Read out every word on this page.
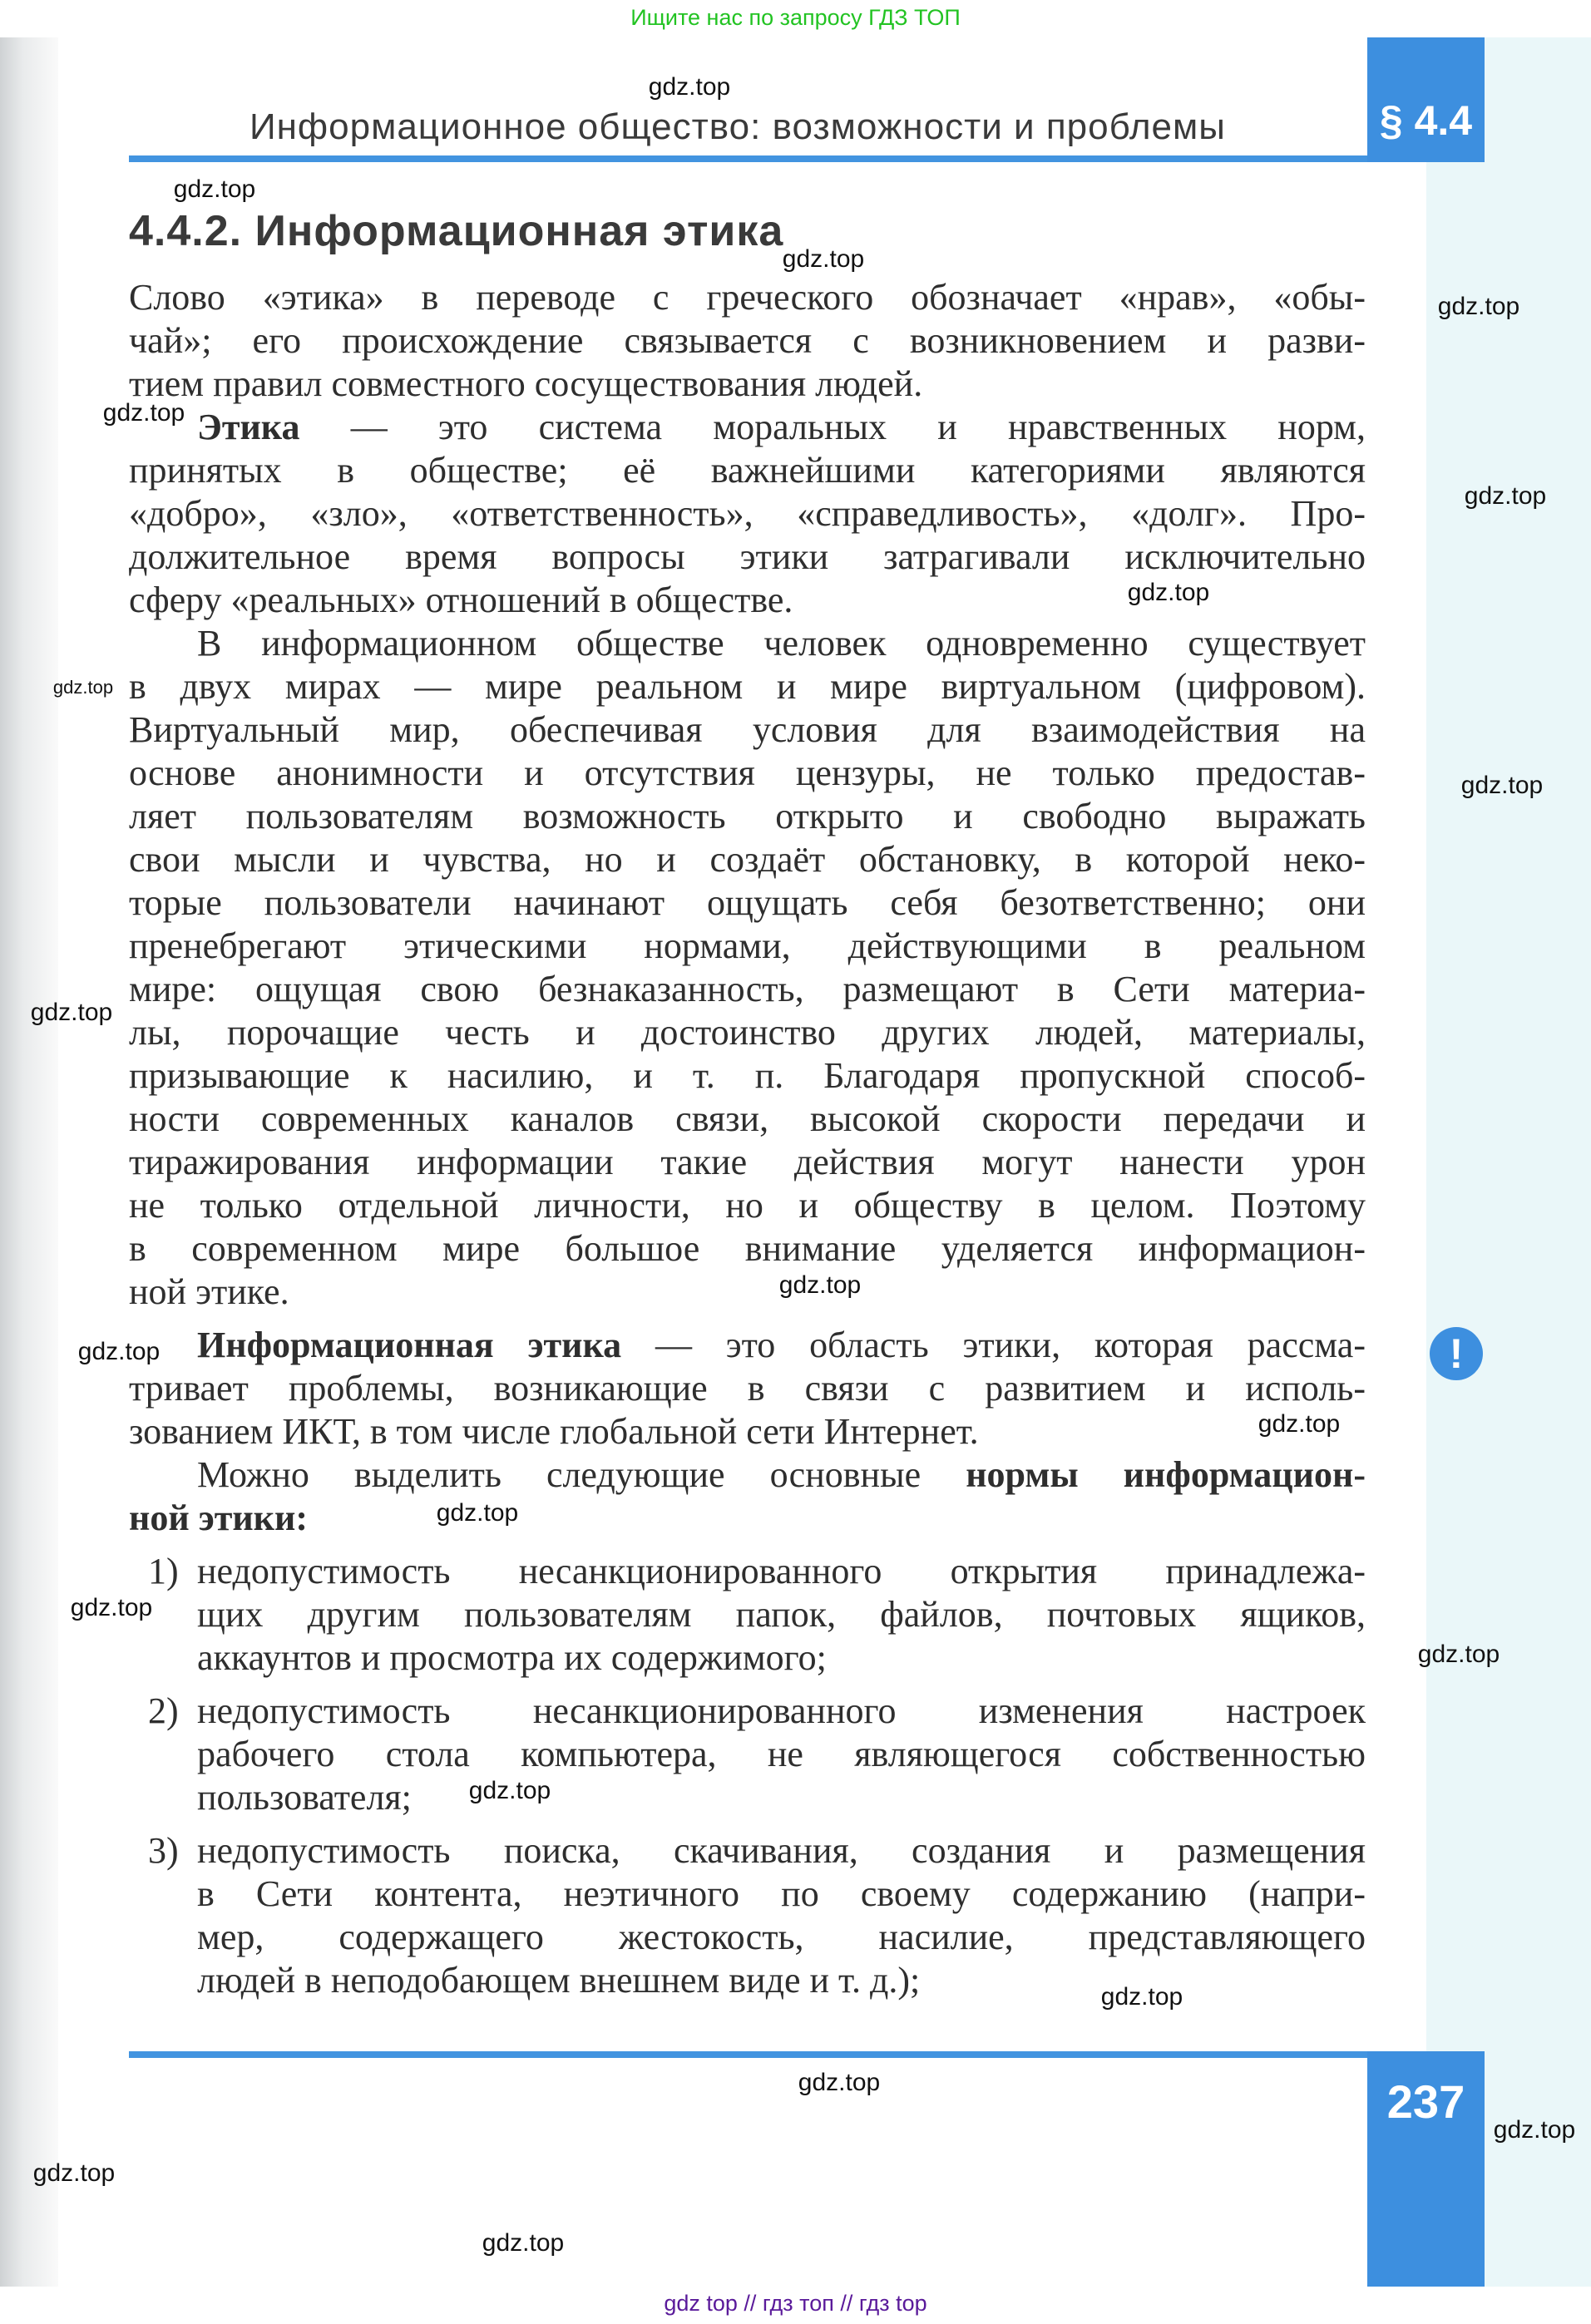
Ищите нас по запросу ГДЗ ТОП
§ 4.4
Информационное общество: возможности и проблемы
4.4.2. Информационная этика
Слово «этика» в переводе с греческого обозначает «нрав», «обы-
чай»; его происхождение связывается с возникновением и разви-
тием правил совместного сосуществования людей.
Этика — это система моральных и нравственных норм,
принятых в обществе; её важнейшими категориями являются
«добро», «зло», «ответственность», «справедливость», «долг». Про-
должительное время вопросы этики затрагивали исключительно
сферу «реальных» отношений в обществе.
В информационном обществе человек одновременно существует
в двух мирах — мире реальном и мире виртуальном (цифровом).
Виртуальный мир, обеспечивая условия для взаимодействия на
основе анонимности и отсутствия цензуры, не только предостав-
ляет пользователям возможность открыто и свободно выражать
свои мысли и чувства, но и создаёт обстановку, в которой неко-
торые пользователи начинают ощущать себя безответственно; они
пренебрегают этическими нормами, действующими в реальном
мире: ощущая свою безнаказанность, размещают в Сети материа-
лы, порочащие честь и достоинство других людей, материалы,
призывающие к насилию, и т. п. Благодаря пропускной способ-
ности современных каналов связи, высокой скорости передачи и
тиражирования информации такие действия могут нанести урон
не только отдельной личности, но и обществу в целом. Поэтому
в современном мире большое внимание уделяется информацион-
ной этике.
Информационная этика — это область этики, которая рассма-
тривает проблемы, возникающие в связи с развитием и исполь-
зованием ИКТ, в том числе глобальной сети Интернет.
Можно выделить следующие основные нормы информацион-
ной этики:
1) недопустимость несанкционированного открытия принадлежа-
щих другим пользователям папок, файлов, почтовых ящиков,
аккаунтов и просмотра их содержимого;
2) недопустимость несанкционированного изменения настроек
рабочего стола компьютера, не являющегося собственностью
пользователя;
3) недопустимость поиска, скачивания, создания и размещения
в Сети контента, неэтичного по своему содержанию (напри-
мер, содержащего жестокость, насилие, представляющего
людей в неподобающем внешнем виде и т. д.);
!
237
gdz.top
gdz.top
gdz.top
gdz.top
gdz.top
gdz.top
gdz.top
gdz.top
gdz.top
gdz.top
gdz.top
gdz.top
gdz.top
gdz.top
gdz.top
gdz.top
gdz.top
gdz.top
gdz.top
gdz.top
gdz.top
gdz.top
gdz top // гдз топ // гдз top
